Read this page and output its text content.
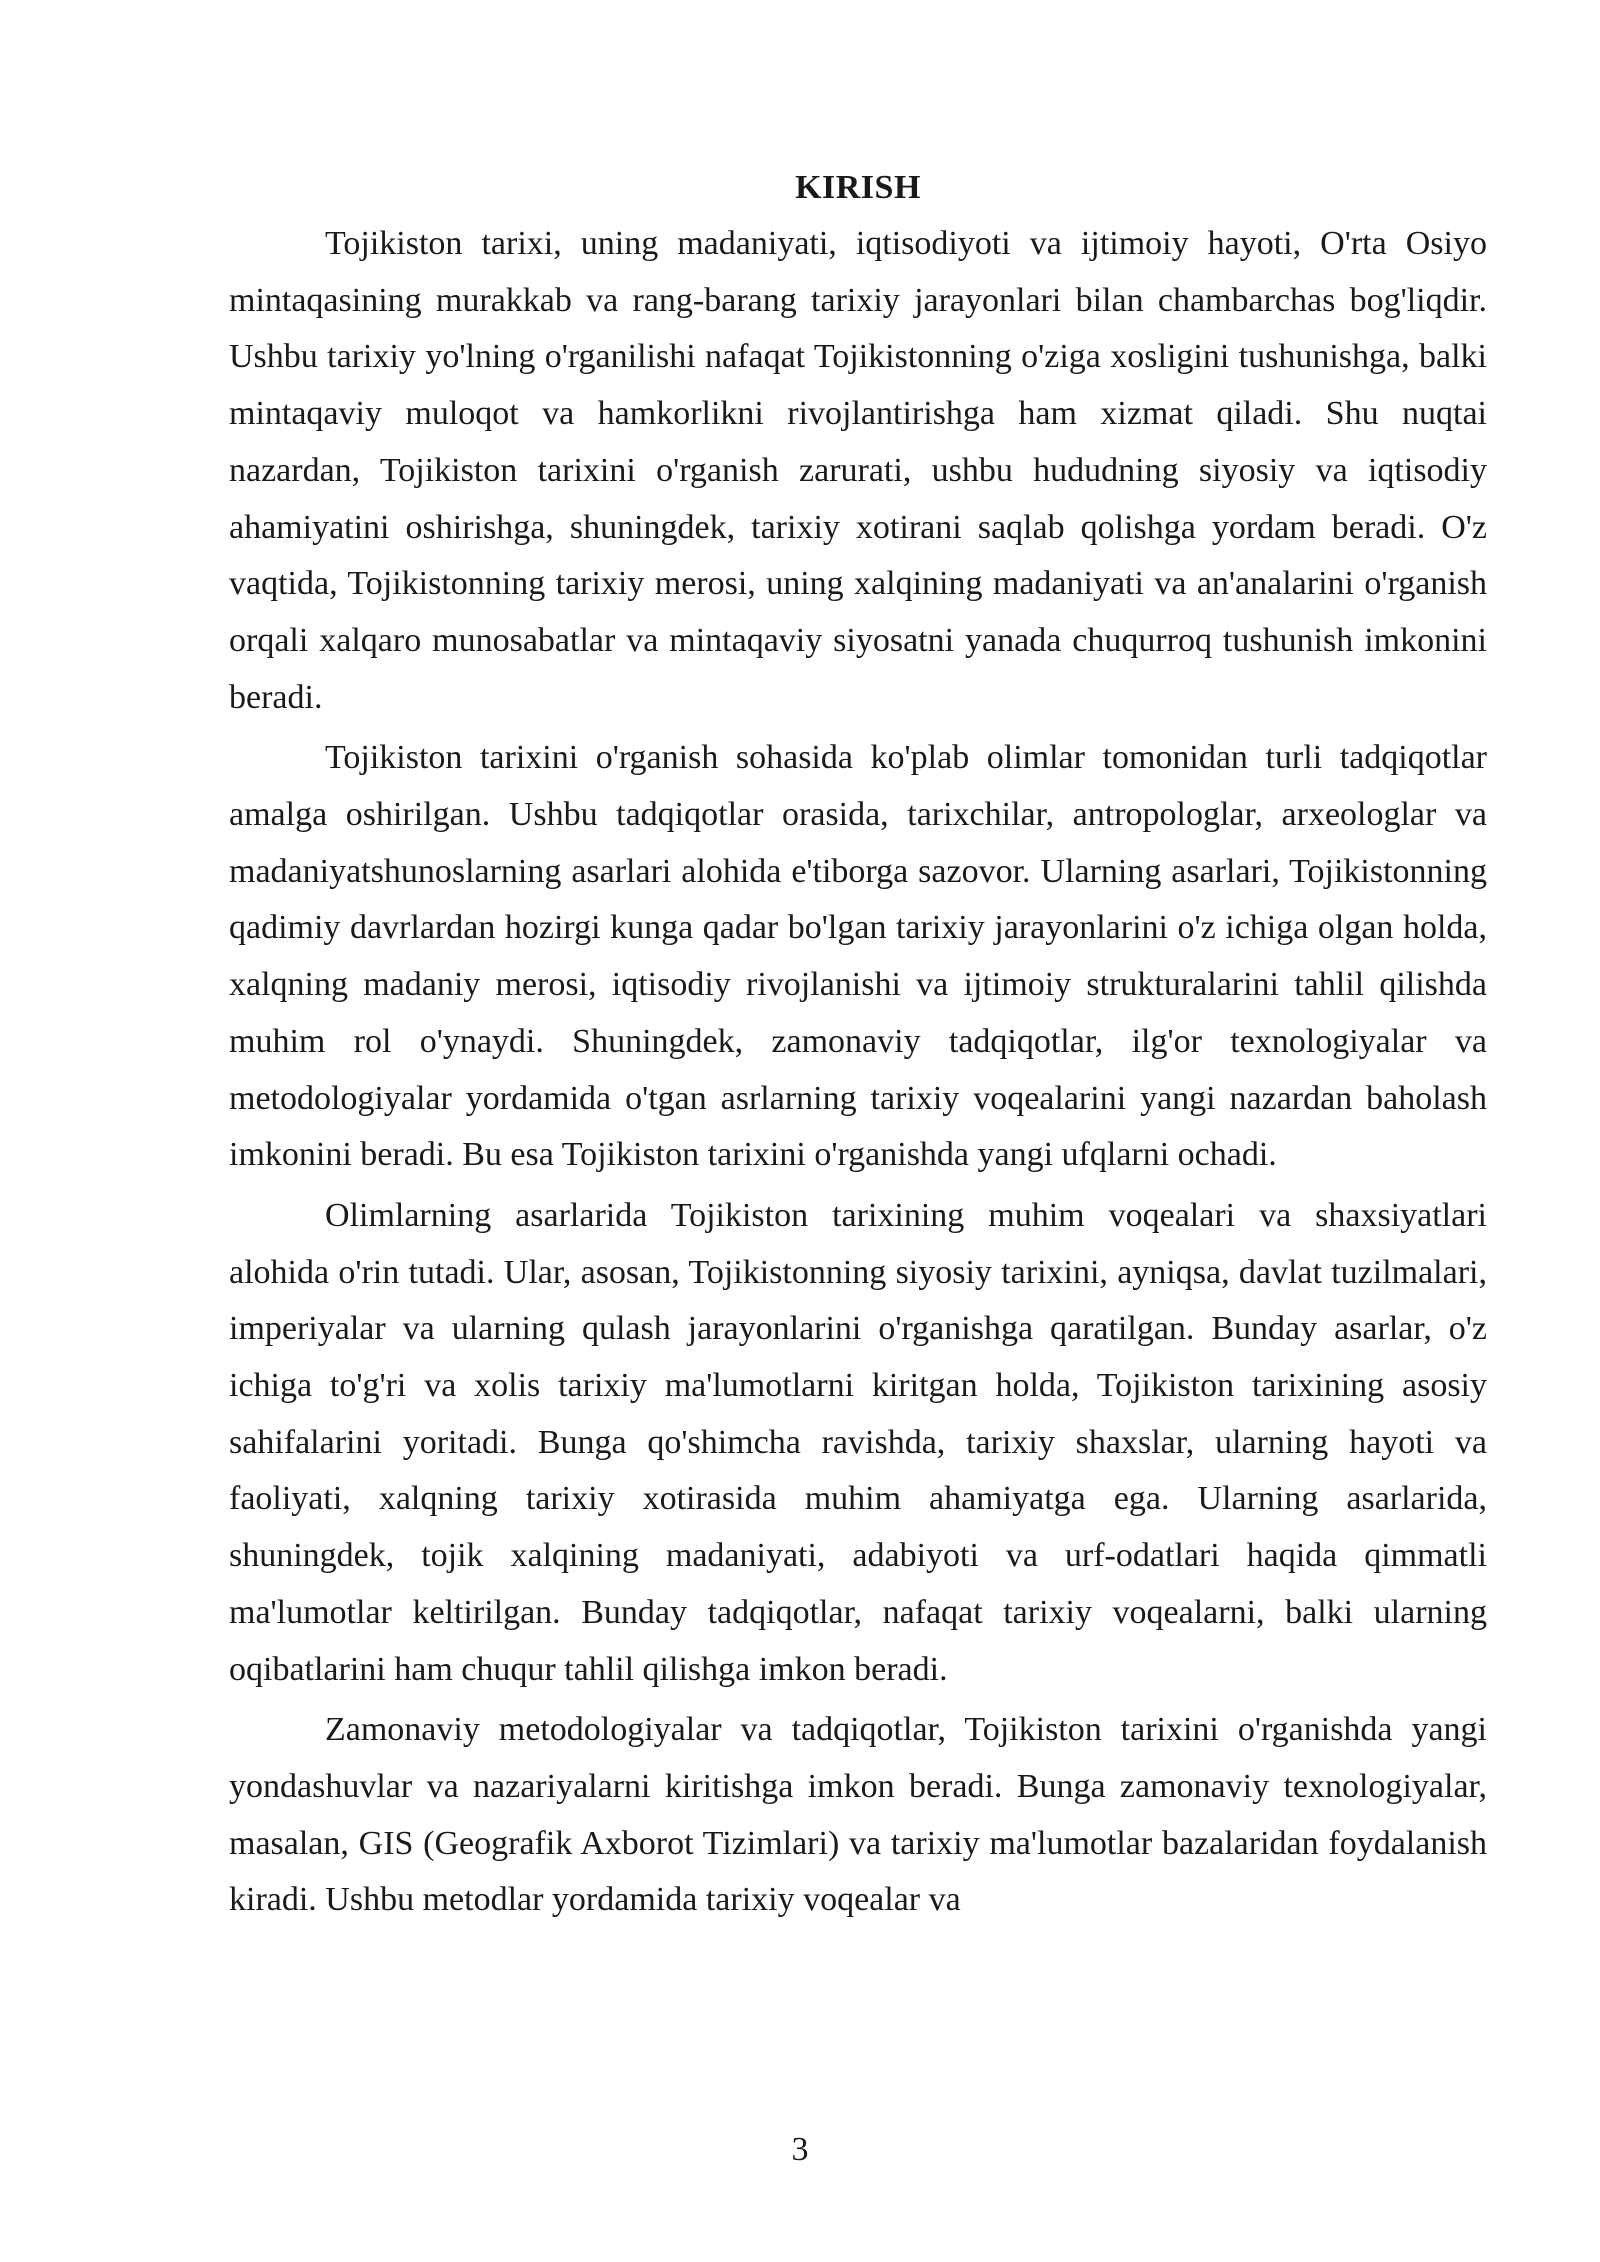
KIRISH

Tojikiston tarixi, uning madaniyati, iqtisodiyoti va ijtimoiy hayoti, O'rta Osiyo mintaqasining murakkab va rang-barang tarixiy jarayonlari bilan chambarchas bog'liqdir. Ushbu tarixiy yo'lning o'rganilishi nafaqat Tojikistonning o'ziga xosligini tushunishga, balki mintaqaviy muloqot va hamkorlikni rivojlantirishga ham xizmat qiladi. Shu nuqtai nazardan, Tojikiston tarixini o'rganish zarurati, ushbu hududning siyosiy va iqtisodiy ahamiyatini oshirishga, shuningdek, tarixiy xotirani saqlab qolishga yordam beradi. O'z vaqtida, Tojikistonning tarixiy merosi, uning xalqining madaniyati va an'analarini o'rganish orqali xalqaro munosabatlar va mintaqaviy siyosatni yanada chuqurroq tushunish imkonini beradi.

Tojikiston tarixini o'rganish sohasida ko'plab olimlar tomonidan turli tadqiqotlar amalga oshirilgan. Ushbu tadqiqotlar orasida, tarixchilar, antropologlar, arxeologlar va madaniyatshunoslarning asarlari alohida e'tiborga sazovor. Ularning asarlari, Tojikistonning qadimiy davrlardan hozirgi kunga qadar bo'lgan tarixiy jarayonlarini o'z ichiga olgan holda, xalqning madaniy merosi, iqtisodiy rivojlanishi va ijtimoiy strukturalarini tahlil qilishda muhim rol o'ynaydi. Shuningdek, zamonaviy tadqiqotlar, ilg'or texnologiyalar va metodologiyalar yordamida o'tgan asrlarning tarixiy voqealarini yangi nazardan baholash imkonini beradi. Bu esa Tojikiston tarixini o'rganishda yangi ufqlarni ochadi.

Olimlarning asarlarida Tojikiston tarixining muhim voqealari va shaxsiyatlari alohida o'rin tutadi. Ular, asosan, Tojikistonning siyosiy tarixini, ayniqsa, davlat tuzilmalari, imperiyalar va ularning qulash jarayonlarini o'rganishga qaratilgan. Bunday asarlar, o'z ichiga to'g'ri va xolis tarixiy ma'lumotlarni kiritgan holda, Tojikiston tarixining asosiy sahifalarini yoritadi. Bunga qo'shimcha ravishda, tarixiy shaxslar, ularning hayoti va faoliyati, xalqning tarixiy xotirasida muhim ahamiyatga ega. Ularning asarlarida, shuningdek, tojik xalqining madaniyati, adabiyoti va urf-odatlari haqida qimmatli ma'lumotlar keltirilgan. Bunday tadqiqotlar, nafaqat tarixiy voqealarni, balki ularning oqibatlarini ham chuqur tahlil qilishga imkon beradi.

Zamonaviy metodologiyalar va tadqiqotlar, Tojikiston tarixini o'rganishda yangi yondashuvlar va nazariyalarni kiritishga imkon beradi. Bunga zamonaviy texnologiyalar, masalan, GIS (Geografik Axborot Tizimlari) va tarixiy ma'lumotlar bazalaridan foydalanish kiradi. Ushbu metodlar yordamida tarixiy voqealar va

3
